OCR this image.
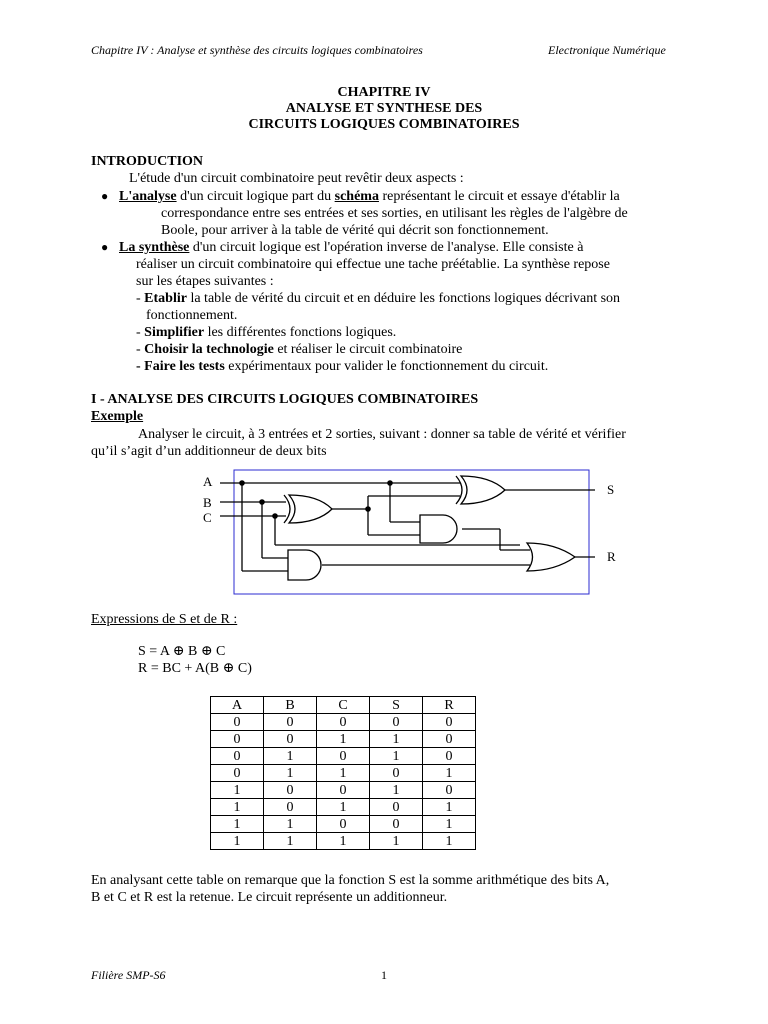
Chapitre IV : Analyse et synthèse des circuits logiques combinatoires	Electronique Numérique
CHAPITRE IV
ANALYSE ET SYNTHESE DES
CIRCUITS LOGIQUES COMBINATOIRES
INTRODUCTION
L'étude d'un circuit combinatoire peut revêtir deux aspects :
● L'analyse d'un circuit logique part du schéma représentant le circuit et essaye d'établir la
correspondance entre ses entrées et ses sorties, en utilisant les règles de l'algèbre de
Boole, pour arriver à la table de vérité qui décrit son fonctionnement.
● La synthèse d'un circuit logique est l'opération inverse de l'analyse. Elle consiste à
réaliser un circuit combinatoire qui effectue une tache préétablie. La synthèse repose
sur les étapes suivantes :
- Etablir la table de vérité du circuit et en déduire les fonctions logiques décrivant son
fonctionnement.
- Simplifier les différentes fonctions logiques.
- Choisir la technologie et réaliser le circuit combinatoire
- Faire les tests expérimentaux pour valider le fonctionnement du circuit.
I - ANALYSE DES CIRCUITS LOGIQUES COMBINATOIRES
Exemple
Analyser le circuit, à 3 entrées et 2 sorties, suivant : donner sa table de vérité et vérifier
qu’il s’agit d’un additionneur de deux bits
A
B
C
S
R
Expressions de S et de R :
S = A ⊕ B ⊕ C
R = BC + A(B ⊕ C)
A	B	C	S	R
0	0	0	0	0
0	0	1	1	0
0	1	0	1	0
0	1	1	0	1
1	0	0	1	0
1	0	1	0	1
1	1	0	0	1
1	1	1	1	1
En analysant cette table on remarque que la fonction S est la somme arithmétique des bits A,
B et C et R est la retenue. Le circuit représente un additionneur.
Filière SMP-S6	1
